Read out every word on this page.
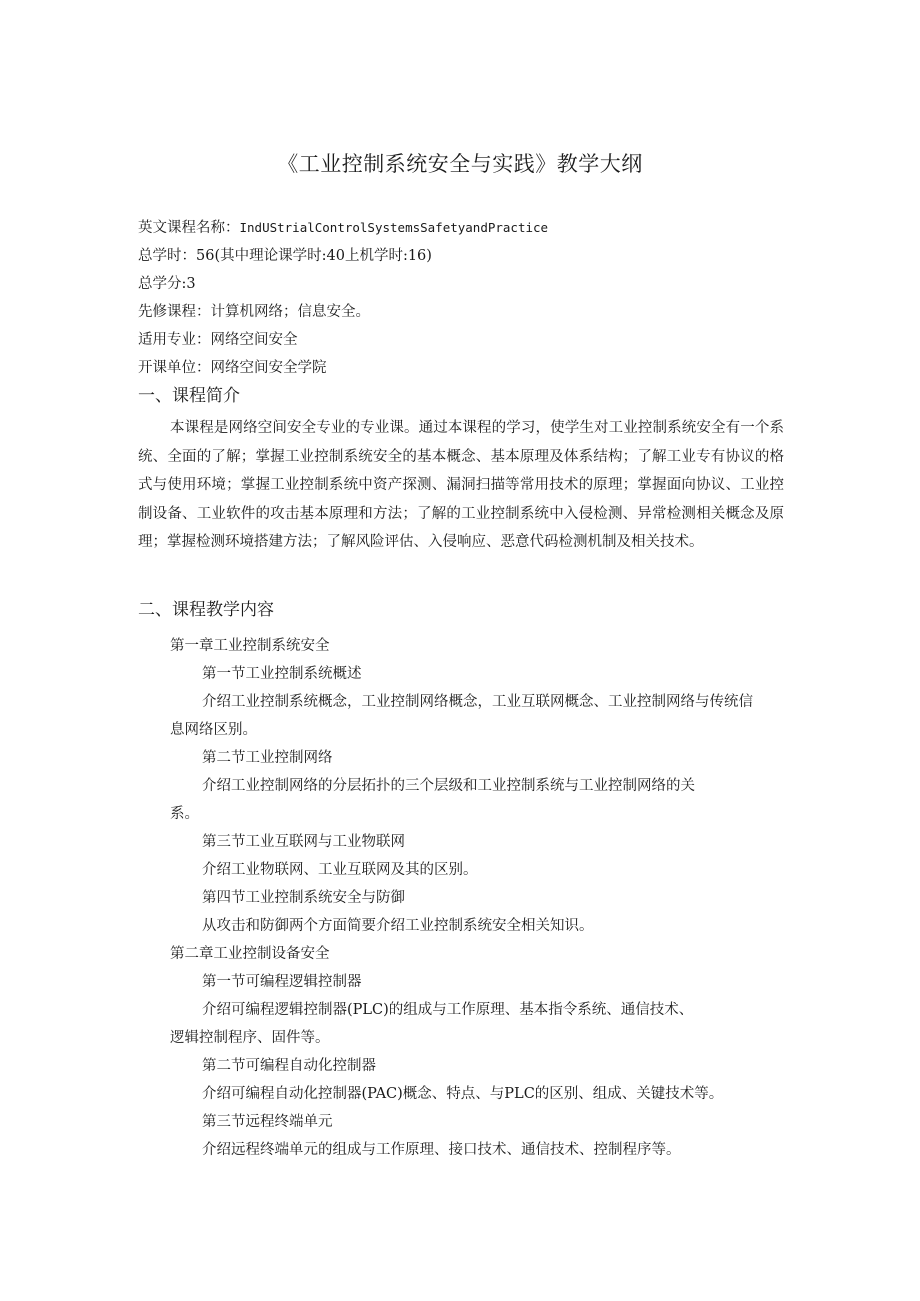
《工业控制系统安全与实践》教学大纲
英文课程名称：IndUStrialControlSystemsSafetyandPractice
总学时：56(其中理论课学时:40上机学时:16)
总学分:3
先修课程：计算机网络；信息安全。
适用专业：网络空间安全
开课单位：网络空间安全学院
一、课程简介
本课程是网络空间安全专业的专业课。通过本课程的学习，使学生对工业控制系统安全有一个系统、全面的了解；掌握工业控制系统安全的基本概念、基本原理及体系结构；了解工业专有协议的格式与使用环境；掌握工业控制系统中资产探测、漏洞扫描等常用技术的原理；掌握面向协议、工业控制设备、工业软件的攻击基本原理和方法；了解的工业控制系统中入侵检测、异常检测相关概念及原理；掌握检测环境搭建方法；了解风险评估、入侵响应、恶意代码检测机制及相关技术。
二、课程教学内容
第一章工业控制系统安全
第一节工业控制系统概述
介绍工业控制系统概念，工业控制网络概念，工业互联网概念、工业控制网络与传统信
息网络区别。
第二节工业控制网络
介绍工业控制网络的分层拓扑的三个层级和工业控制系统与工业控制网络的关
系。
第三节工业互联网与工业物联网
介绍工业物联网、工业互联网及其的区别。
第四节工业控制系统安全与防御
从攻击和防御两个方面简要介绍工业控制系统安全相关知识。
第二章工业控制设备安全
第一节可编程逻辑控制器
介绍可编程逻辑控制器(PLC)的组成与工作原理、基本指令系统、通信技术、
逻辑控制程序、固件等。
第二节可编程自动化控制器
介绍可编程自动化控制器(PAC)概念、特点、与PLC的区别、组成、关键技术等。
第三节远程终端单元
介绍远程终端单元的组成与工作原理、接口技术、通信技术、控制程序等。
